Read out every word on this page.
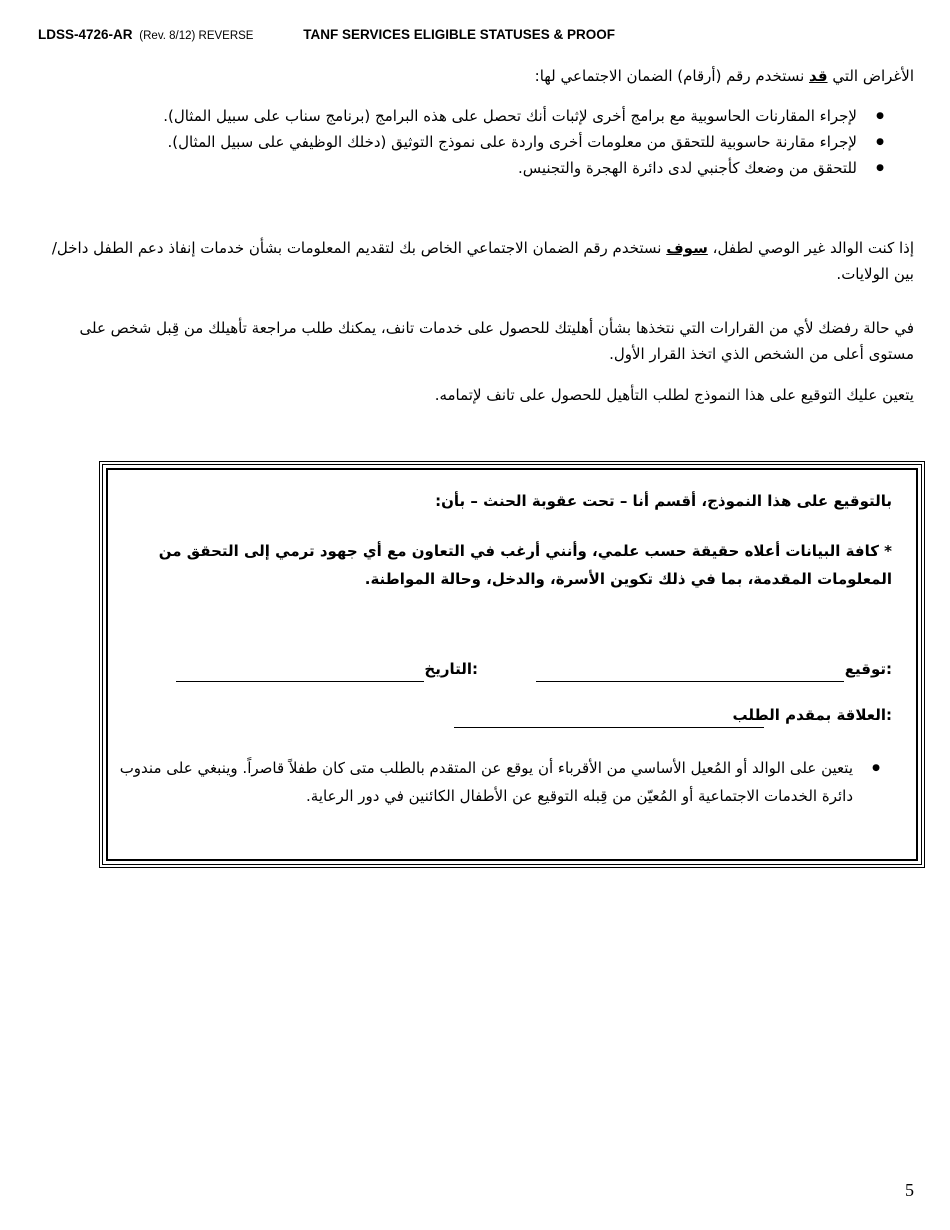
LDSS-4726-AR (Rev. 8/12) REVERSE	TANF SERVICES ELIGIBLE STATUSES & PROOF
الأغراض التي قد نستخدم رقم (أرقام) الضمان الاجتماعي لها:
● لإجراء المقارنات الحاسوبية مع برامج أخرى لإثبات أنك تحصل على هذه البرامج (برنامج سناب على سبيل المثال).
● لإجراء مقارنة حاسوبية للتحقق من معلومات أخرى واردة على نموذج التوثيق (دخلك الوظيفي على سبيل المثال).
● للتحقق من وضعك كأجنبي لدى دائرة الهجرة والتجنيس.
إذا كنت الوالد غير الوصي لطفل، سوف نستخدم رقم الضمان الاجتماعي الخاص بك لتقديم المعلومات بشأن خدمات إنفاذ دعم الطفل داخل/بين الولايات.
في حالة رفضك لأي من القرارات التي نتخذها بشأن أهليتك للحصول على خدمات تانف، يمكنك طلب مراجعة تأهيلك من قِبل شخص على مستوى أعلى من الشخص الذي اتخذ القرار الأول.
يتعين عليك التوقيع على هذا النموذج لطلب التأهيل للحصول على تانف لإتمامه.
بالتوقيع على هذا النموذج، أقسم أنا – تحت عقوبة الحنث – بأن:
* كافة البيانات أعلاه حقيقة حسب علمي، وأنني أرغب في التعاون مع أي جهود ترمي إلى التحقق من المعلومات المقدمة، بما في ذلك تكوين الأسرة، والدخل، وحالة المواطنة.
توقيع:
التاريخ:
العلاقة بمقدم الطلب:
● يتعين على الوالد أو المُعيل الأساسي من الأقرباء أن يوقع عن المتقدم بالطلب متى كان طفلاً قاصراً. وينبغي على مندوب دائرة الخدمات الاجتماعية أو المُعيّن من قِبله التوقيع عن الأطفال الكائنين في دور الرعاية.
5
